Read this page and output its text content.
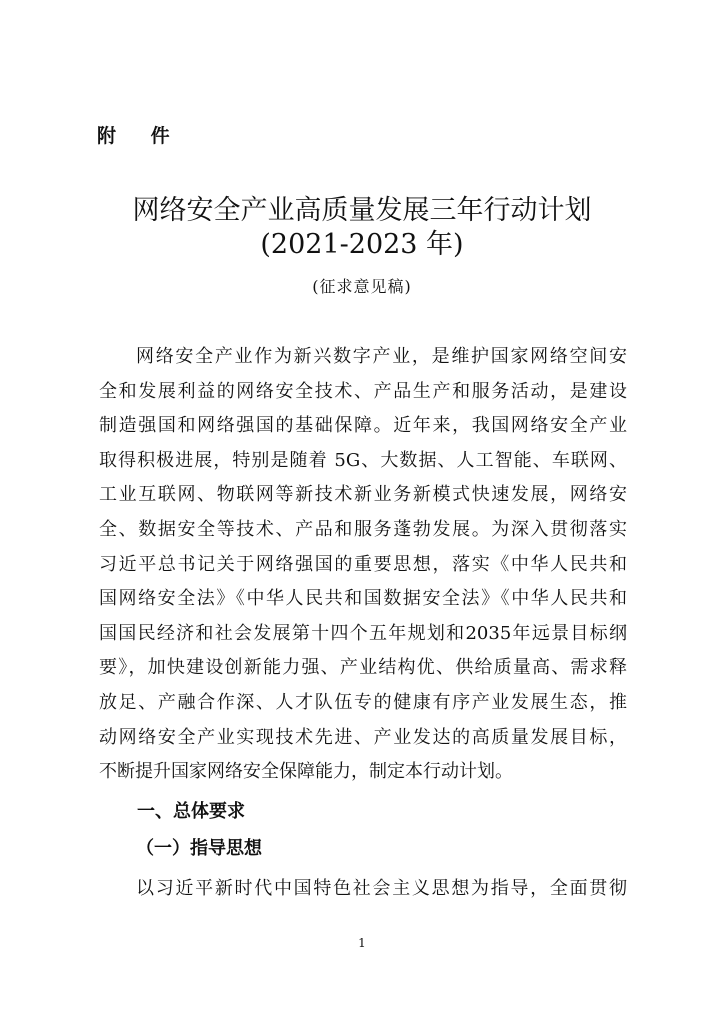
附 件
网络安全产业高质量发展三年行动计划
(2021-2023 年)
(征求意见稿)
网络安全产业作为新兴数字产业，是维护国家网络空间安
全和发展利益的网络安全技术、产品生产和服务活动，是建设
制造强国和网络强国的基础保障。近年来，我国网络安全产业
取得积极进展，特别是随着 5G、大数据、人工智能、车联网、
工业互联网、物联网等新技术新业务新模式快速发展，网络安
全、数据安全等技术、产品和服务蓬勃发展。为深入贯彻落实
习近平总书记关于网络强国的重要思想，落实《中华人民共和
国网络安全法》《中华人民共和国数据安全法》《中华人民共和
国国民经济和社会发展第十四个五年规划和2035年远景目标纲
要》，加快建设创新能力强、产业结构优、供给质量高、需求释
放足、产融合作深、人才队伍专的健康有序产业发展生态，推
动网络安全产业实现技术先进、产业发达的高质量发展目标，
不断提升国家网络安全保障能力，制定本行动计划。
一、总体要求
（一）指导思想
以习近平新时代中国特色社会主义思想为指导，全面贯彻
1
